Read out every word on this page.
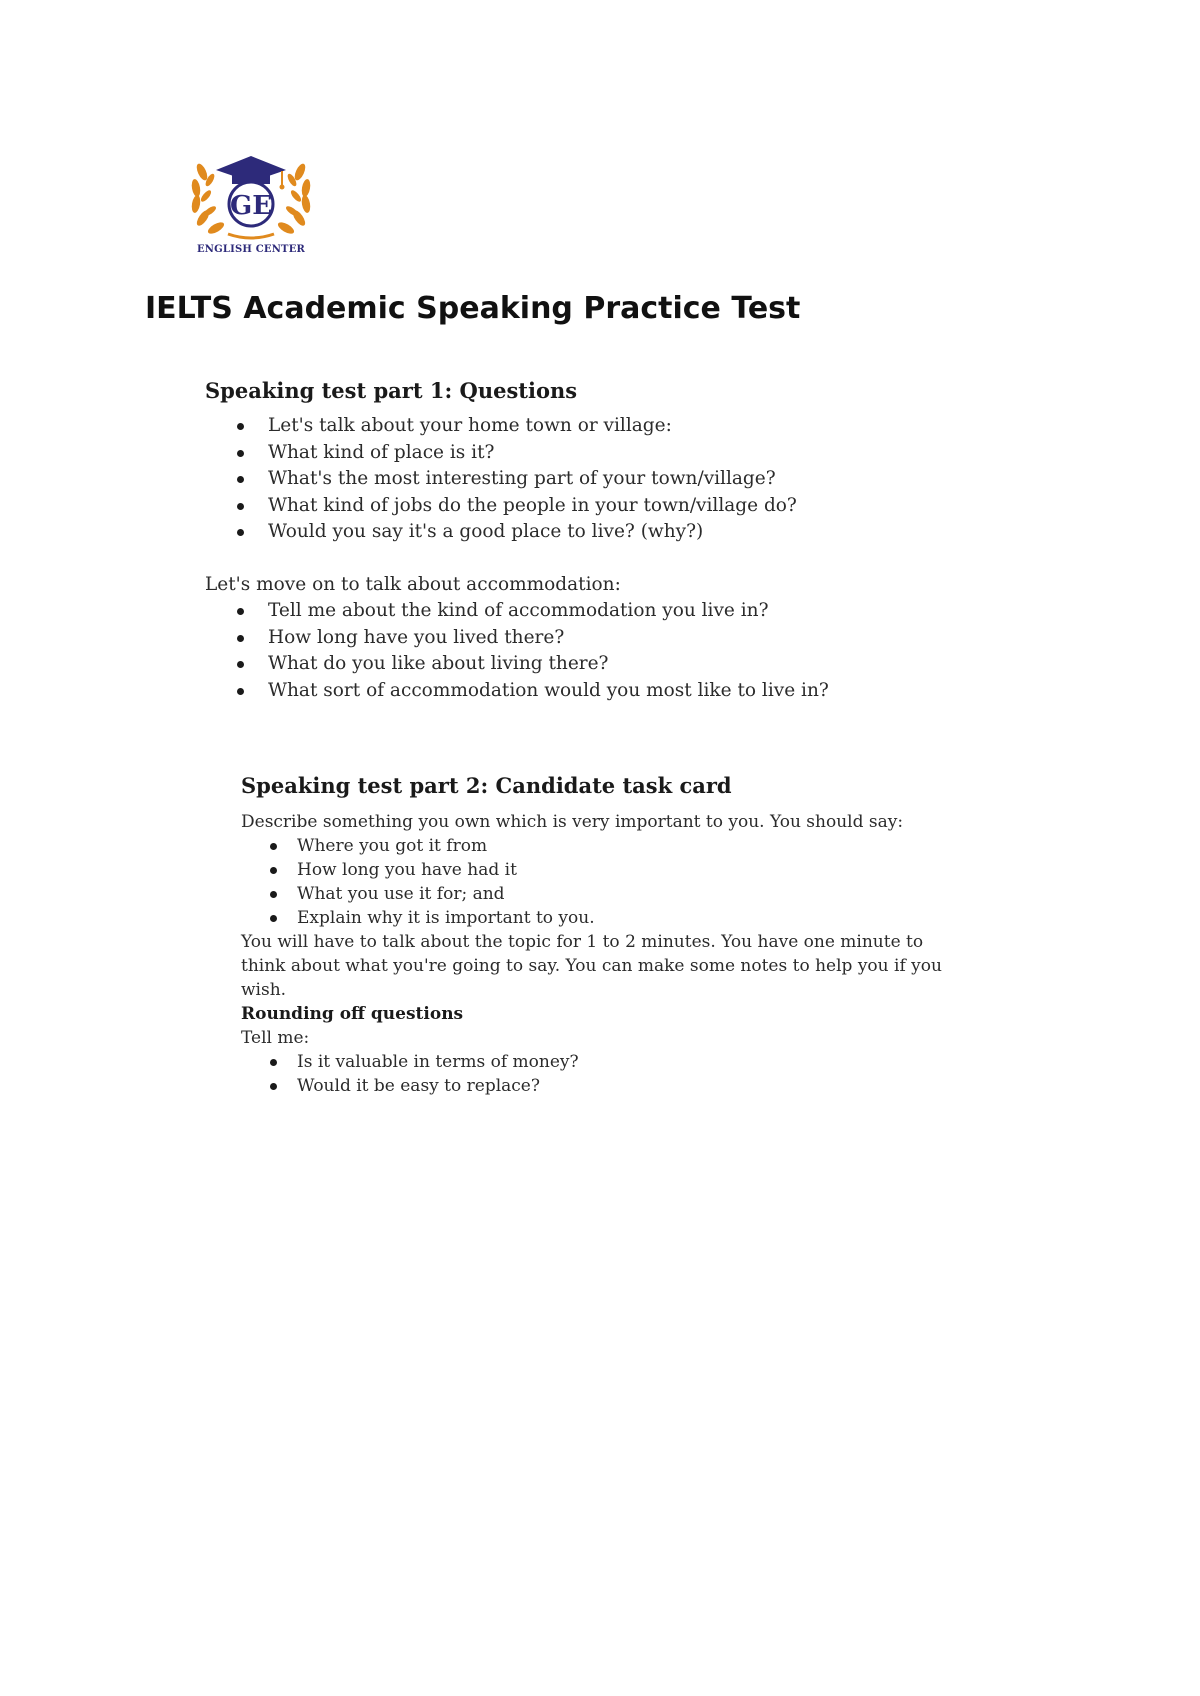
GE
ENGLISH CENTER
IELTS Academic Speaking Practice Test
Speaking test part 1: Questions
Let's talk about your home town or village:
What kind of place is it?
What's the most interesting part of your town/village?
What kind of jobs do the people in your town/village do?
Would you say it's a good place to live? (why?)

Let's move on to talk about accommodation:

Tell me about the kind of accommodation you live in?
How long have you lived there?
What do you like about living there?
What sort of accommodation would you most like to live in?
Speaking test part 2: Candidate task card

Describe something you own which is very important to you. You should say:

Where you got it from
How long you have had it
What you use it for; and
Explain why it is important to you.

You will have to talk about the topic for 1 to 2 minutes. You have one minute to think about what you're going to say. You can make some notes to help you if you wish.

Rounding off questions

Tell me:

Is it valuable in terms of money?
Would it be easy to replace?
